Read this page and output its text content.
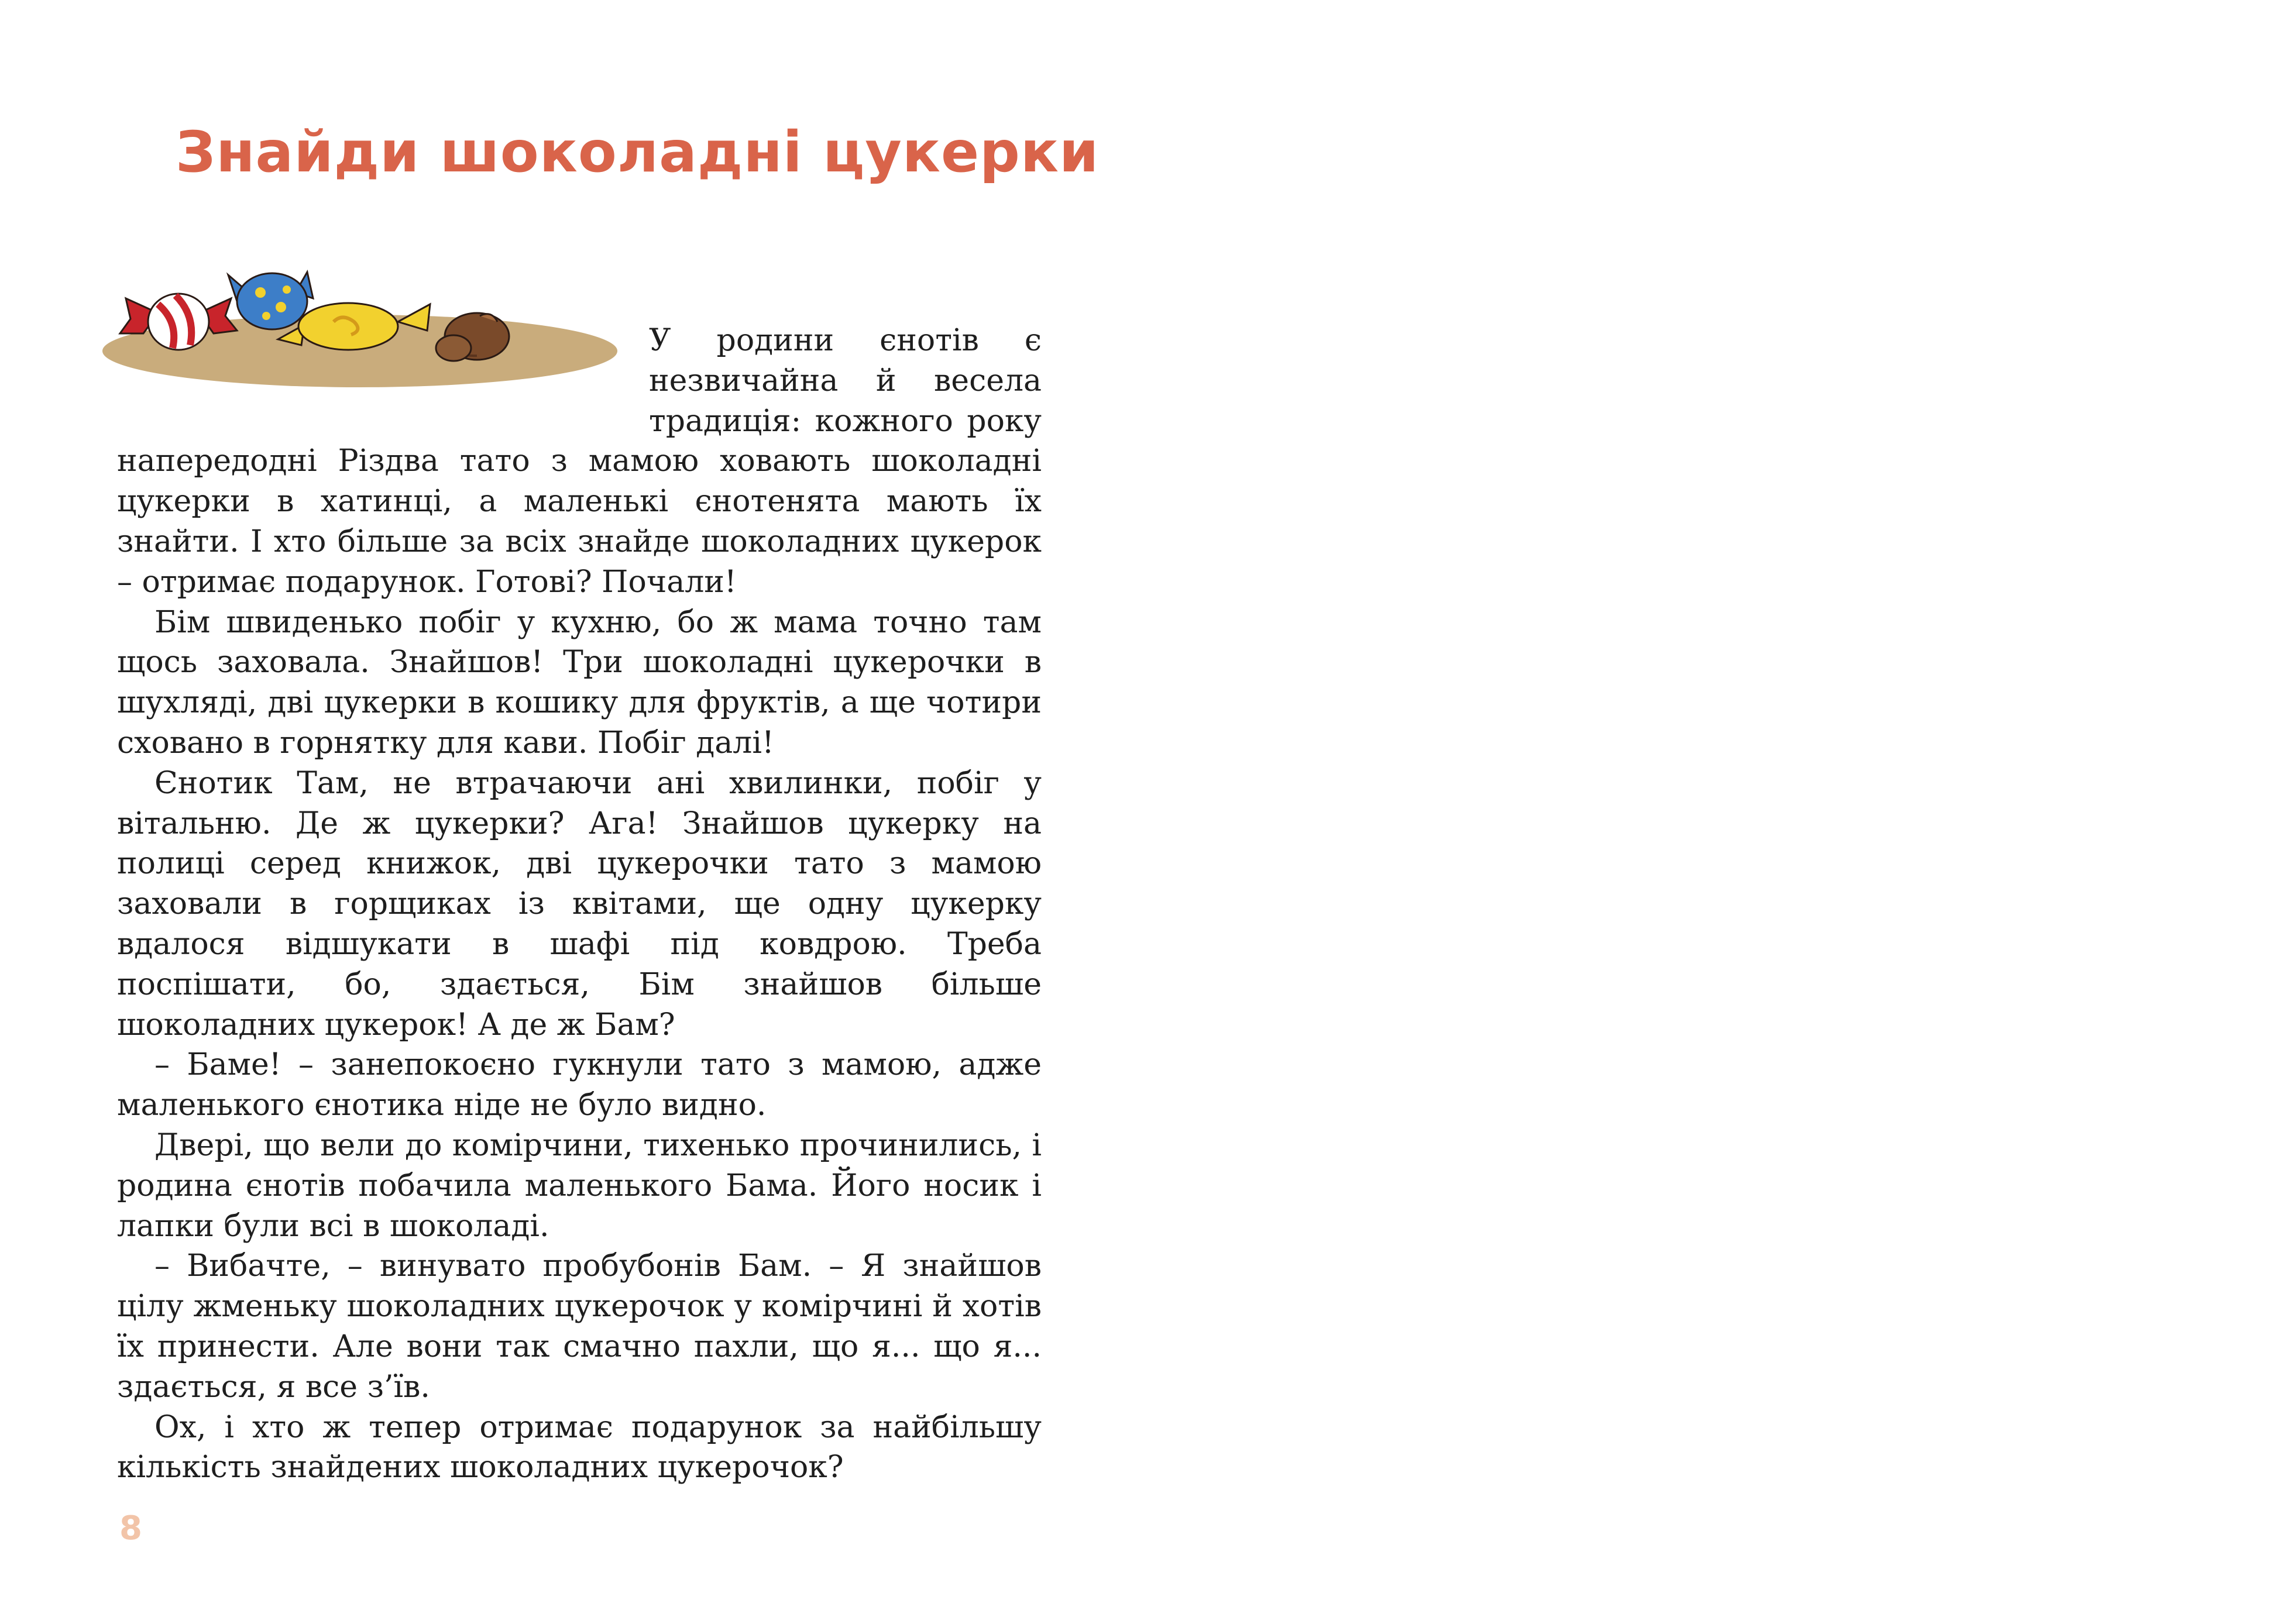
Знайди шоколадні цукерки

У родини єнотів є незвичайна й весела традиція: кожного року напередодні Різдва тато з мамою ховають шоколадні цукерки в хатинці, а маленькі єнотенята мають їх знайти. І хто більше за всіх знайде шоколадних цукерок – отримає подарунок. Готові? Почали!

Бім швиденько побіг у кухню, бо ж мама точно там щось заховала. Знайшов! Три шоколадні цукерочки в шухляді, дві цукерки в кошику для фруктів, а ще чотири сховано в горнятку для кави. Побіг далі!

Єнотик Там, не втрачаючи ані хвилинки, побіг у вітальню. Де ж цукерки? Ага! Знайшов цукерку на полиці серед книжок, дві цукерочки тато з мамою заховали в горщиках із квітами, ще одну цукерку вдалося відшукати в шафі під ковдрою. Треба поспішати, бо, здається, Бім знайшов більше шоколадних цукерок! А де ж Бам?

– Баме! – занепокоєно гукнули тато з мамою, адже маленького єнотика ніде не було видно.

Двері, що вели до комірчини, тихенько прочинились, і родина єнотів побачила маленького Бама. Його носик і лапки були всі в шоколаді.

– Вибачте, – винувато пробубонів Бам. – Я знайшов цілу жменьку шоколадних цукерочок у комірчині й хотів їх принести. Але вони так смачно пахли, що я... що я... здається, я все з’їв.

Ох, і хто ж тепер отримає подарунок за найбільшу кількість знайдених шоколадних цукерочок?

8
